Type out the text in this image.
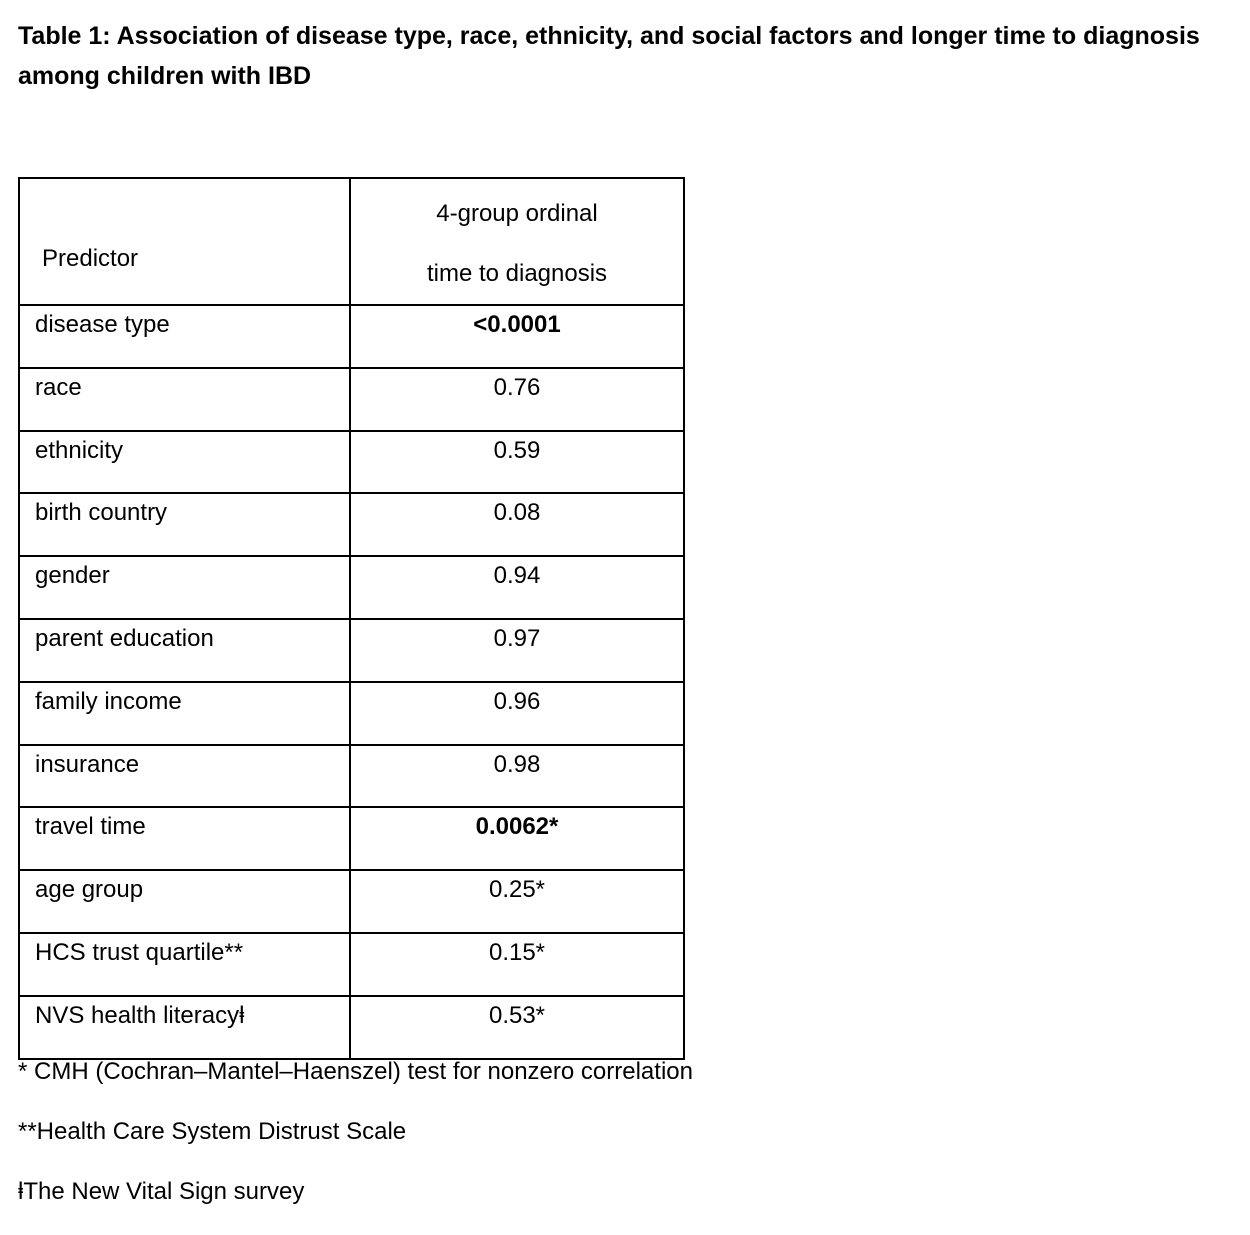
Table 1: Association of disease type, race, ethnicity, and social factors and longer time to diagnosis among children with IBD
Predictor	4-group ordinal
time to diagnosis

disease type	<0.0001
race	0.76
ethnicity	0.59
birth country	0.08
gender	0.94
parent education	0.97
family income	0.96
insurance	0.98
travel time	0.0062*
age group	0.25*
HCS trust quartile**	0.15*
NVS health literacyⱡ	0.53*

* CMH (Cochran–Mantel–Haenszel) test for nonzero correlation

**Health Care System Distrust Scale

ⱡThe New Vital Sign survey
